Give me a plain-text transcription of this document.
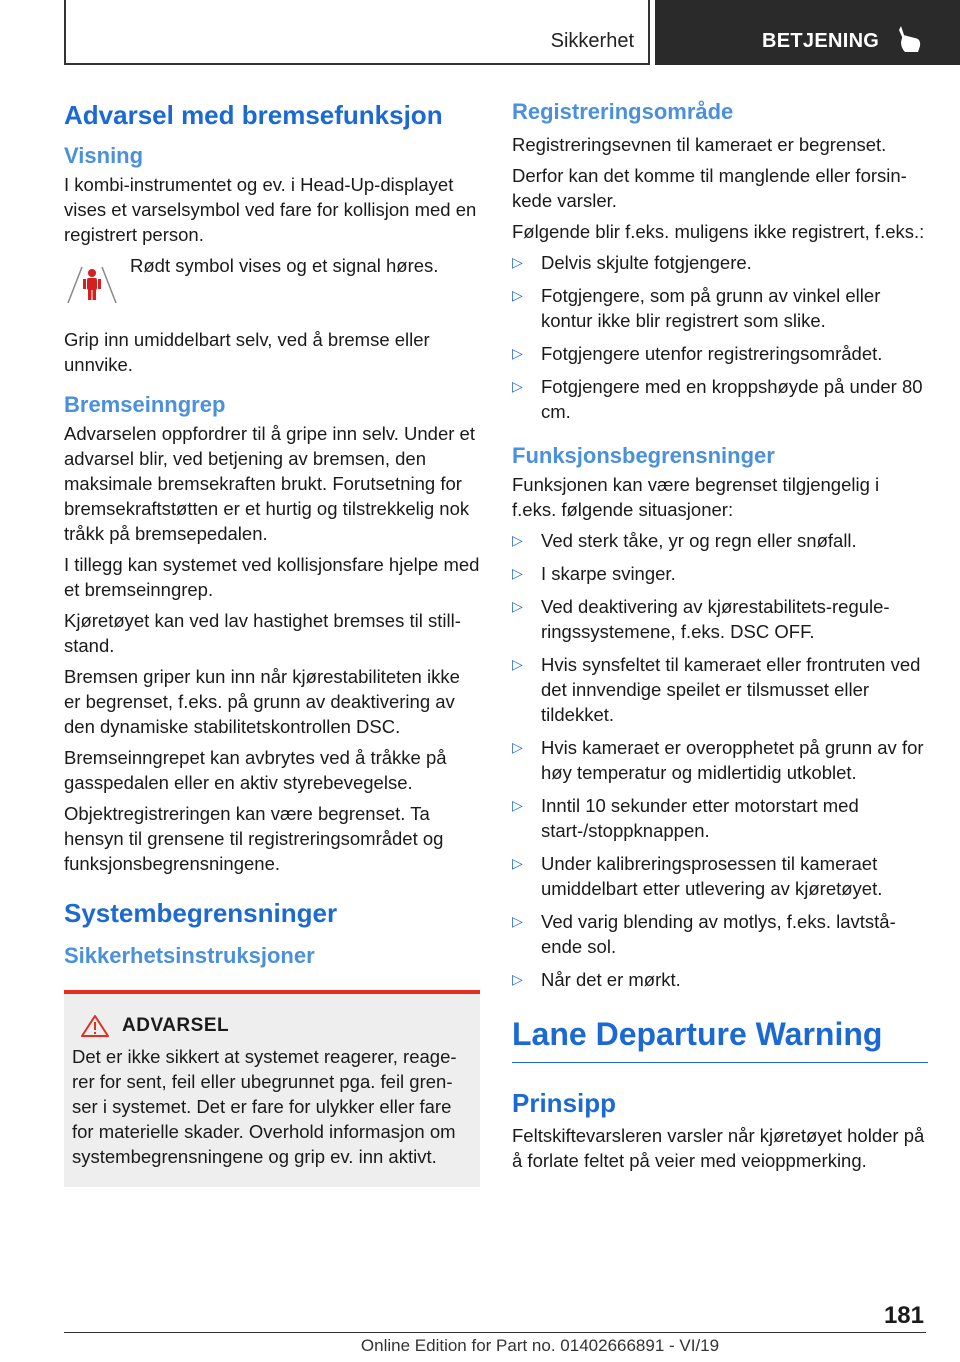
Sikkerhet	BETJENING
Advarsel med bremsefunksjon
Visning

I kombi-instrumentet og ev. i Head-Up-displayet vises et varselsymbol ved fare for kollisjon med en registrert person.

Rødt symbol vises og et signal høres.

Grip inn umiddelbart selv, ved å bremse eller unnvike.

Bremseinngrep

Advarselen oppfordrer til å gripe inn selv. Under et advarsel blir, ved betjening av bremsen, den maksimale bremsekraften brukt. Forutsetning for bremsekraftstøtten er et hurtig og tilstrekkelig nok tråkk på bremsepedalen.

I tillegg kan systemet ved kollisjonsfare hjelpe med et bremseinngrep.

Kjøretøyet kan ved lav hastighet bremses til still-stand.

Bremsen griper kun inn når kjørestabiliteten ikke er begrenset, f.eks. på grunn av deaktivering av den dynamiske stabilitetskontrollen DSC.

Bremseinngrepet kan avbrytes ved å tråkke på gasspedalen eller en aktiv styrebevegelse.

Objektregistreringen kan være begrenset. Ta hensyn til grensene til registreringsområdet og funksjonsbegrensningene.

Systembegrensninger
Sikkerhetsinstruksjoner
ADVARSEL

Det er ikke sikkert at systemet reagerer, reage-rer for sent, feil eller ubegrunnet pga. feil gren-ser i systemet. Det er fare for ulykker eller fare for materielle skader. Overhold informasjon om systembegrensningene og grip ev. inn aktivt.

Registreringsområde

Registreringsevnen til kameraet er begrenset.

Derfor kan det komme til manglende eller forsin-kede varsler.

Følgende blir f.eks. muligens ikke registrert, f.eks.:

▷ Delvis skjulte fotgjengere.
▷ Fotgjengere, som på grunn av vinkel eller kontur ikke blir registrert som slike.
▷ Fotgjengere utenfor registreringsområdet.
▷ Fotgjengere med en kroppshøyde på under 80 cm.
Funksjonsbegrensninger

Funksjonen kan være begrenset tilgjengelig i f.eks. følgende situasjoner:

▷ Ved sterk tåke, yr og regn eller snøfall.
▷ I skarpe svinger.
▷ Ved deaktivering av kjørestabilitets-regule-ringssystemene, f.eks. DSC OFF.
▷ Hvis synsfeltet til kameraet eller frontruten ved det innvendige speilet er tilsmusset eller tildekket.
▷ Hvis kameraet er overopphetet på grunn av for høy temperatur og midlertidig utkoblet.
▷ Inntil 10 sekunder etter motorstart med start-/stoppknappen.
▷ Under kalibreringsprosessen til kameraet umiddelbart etter utlevering av kjøretøyet.
▷ Ved varig blending av motlys, f.eks. lavtstå-ende sol.
▷ Når det er mørkt.
Lane Departure Warning
Prinsipp

Feltskiftevarsleren varsler når kjøretøyet holder på å forlate feltet på veier med veioppmerking.

181
Online Edition for Part no. 01402666891 - VI/19
